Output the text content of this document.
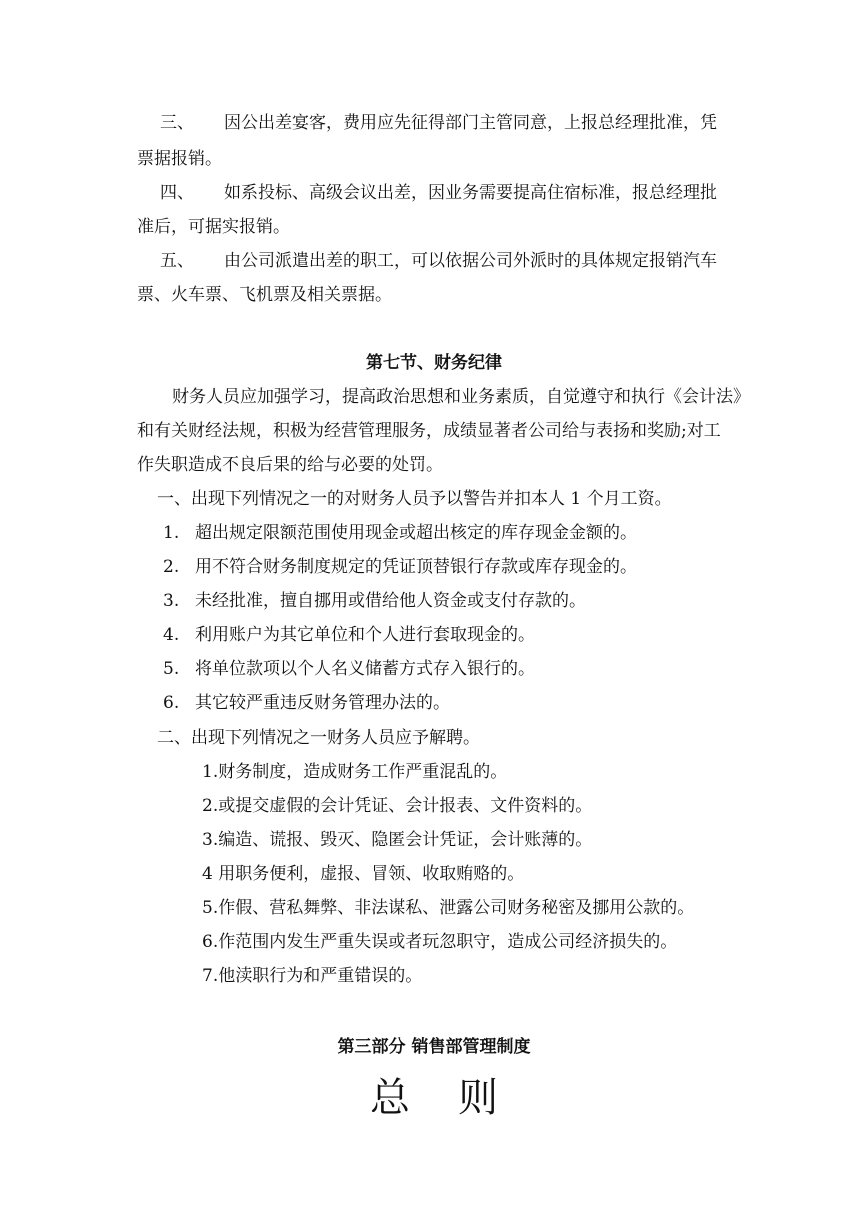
三、 因公出差宴客，费用应先征得部门主管同意，上报总经理批准，凭
票据报销。
四、 如系投标、高级会议出差，因业务需要提高住宿标准，报总经理批
准后，可据实报销。
五、 由公司派遣出差的职工，可以依据公司外派时的具体规定报销汽车
票、火车票、飞机票及相关票据。
第七节、财务纪律
财务人员应加强学习，提高政治思想和业务素质，自觉遵守和执行《会计法》
和有关财经法规，积极为经营管理服务，成绩显著者公司给与表扬和奖励;对工
作失职造成不良后果的给与必要的处罚。
一、出现下列情况之一的对财务人员予以警告并扣本人 1 个月工资。
1. 超出规定限额范围使用现金或超出核定的库存现金金额的。
2. 用不符合财务制度规定的凭证顶替银行存款或库存现金的。
3. 未经批准，擅自挪用或借给他人资金或支付存款的。
4. 利用账户为其它单位和个人进行套取现金的。
5. 将单位款项以个人名义储蓄方式存入银行的。
6. 其它较严重违反财务管理办法的。
二、出现下列情况之一财务人员应予解聘。
1.财务制度，造成财务工作严重混乱的。
2.或提交虚假的会计凭证、会计报表、文件资料的。
3.编造、谎报、毁灭、隐匿会计凭证，会计账薄的。
4 用职务便利，虚报、冒领、收取贿赂的。
5.作假、营私舞弊、非法谋私、泄露公司财务秘密及挪用公款的。
6.作范围内发生严重失误或者玩忽职守，造成公司经济损失的。
7.他渎职行为和严重错误的。
第三部分 销售部管理制度
总则
